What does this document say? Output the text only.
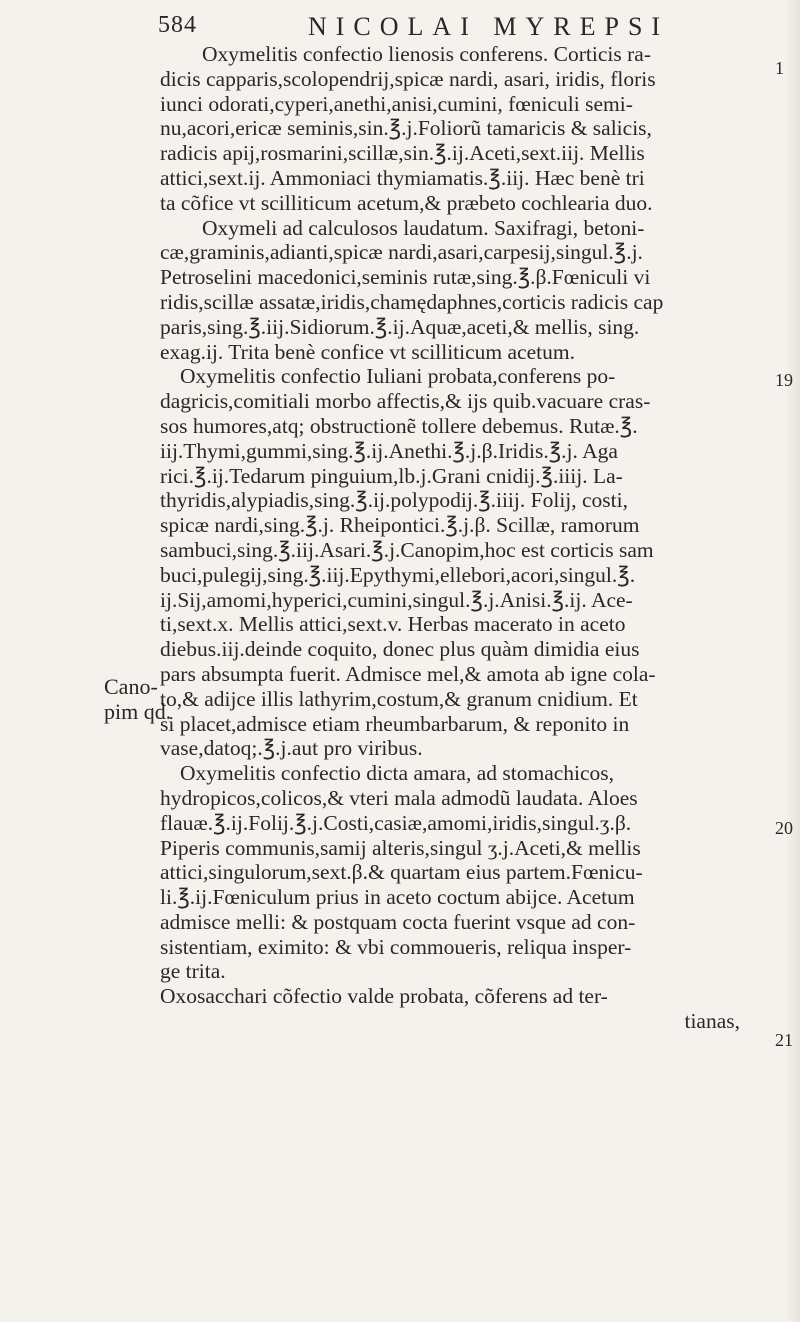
584	NICOLAI MYREPSI
Cano-
pim qd.
1
19
20
21
Oxymelitis confectio lienosis conferens. Corticis ra-
dicis capparis,scolopendrij,spicæ nardi, asari, iridis, floris
iunci odorati,cyperi,anethi,anisi,cumini, fœniculi semi-
nu,acori,ericæ seminis,sin.℥.j.Foliorũ tamaricis & salicis,
radicis apij,rosmarini,scillæ,sin.℥.ij.Aceti,sext.iij. Mellis
attici,sext.ij. Ammoniaci thymiamatis.℥.iij. Hæc benè tri
ta cõfice vt scilliticum acetum,& præbeto cochlearia duo.
Oxymeli ad calculosos laudatum. Saxifragi, betoni-
cæ,graminis,adianti,spicæ nardi,asari,carpesij,singul.℥.j.
Petroselini macedonici,seminis rutæ,sing.℥.β.Fœniculi vi
ridis,scillæ assatæ,iridis,chamędaphnes,corticis radicis cap
paris,sing.℥.iij.Sidiorum.℥.ij.Aquæ,aceti,& mellis, sing.
exag.ij. Trita benè confice vt scilliticum acetum.
Oxymelitis confectio Iuliani probata,conferens po-
dagricis,comitiali morbo affectis,& ijs quib.vacuare cras-
sos humores,atq; obstructionẽ tollere debemus. Rutæ.℥.
iij.Thymi,gummi,sing.℥.ij.Anethi.℥.j.β.Iridis.℥.j. Aga
rici.℥.ij.Tedarum pinguium,lb.j.Grani cnidij.℥.iiij. La-
thyridis,alypiadis,sing.℥.ij.polypodij.℥.iiij. Folij, costi,
spicæ nardi,sing.℥.j. Rheipontici.℥.j.β. Scillæ, ramorum
sambuci,sing.℥.iij.Asari.℥.j.Canopim,hoc est corticis sam
buci,pulegij,sing.℥.iij.Epythymi,ellebori,acori,singul.℥.
ij.Sij,amomi,hyperici,cumini,singul.℥.j.Anisi.℥.ij. Ace-
ti,sext.x. Mellis attici,sext.v. Herbas macerato in aceto
diebus.iij.deinde coquito, donec plus quàm dimidia eius
pars absumpta fuerit. Admisce mel,& amota ab igne cola-
to,& adijce illis lathyrim,costum,& granum cnidium. Et
si placet,admisce etiam rheumbarbarum, & reponito in
vase,datoq;.℥.j.aut pro viribus.
Oxymelitis confectio dicta amara, ad stomachicos,
hydropicos,colicos,& vteri mala admodũ laudata. Aloes
flauæ.℥.ij.Folij.℥.j.Costi,casiæ,amomi,iridis,singul.ʒ.β.
Piperis communis,samij alteris,singul ʒ.j.Aceti,& mellis
attici,singulorum,sext.β.& quartam eius partem.Fœnicu-
li.℥.ij.Fœniculum prius in aceto coctum abijce. Acetum
admisce melli: & postquam cocta fuerint vsque ad con-
sistentiam, eximito: & vbi commoueris, reliqua insper-
ge trita.
Oxosacchari cõfectio valde probata, cõferens ad ter-
tianas,
